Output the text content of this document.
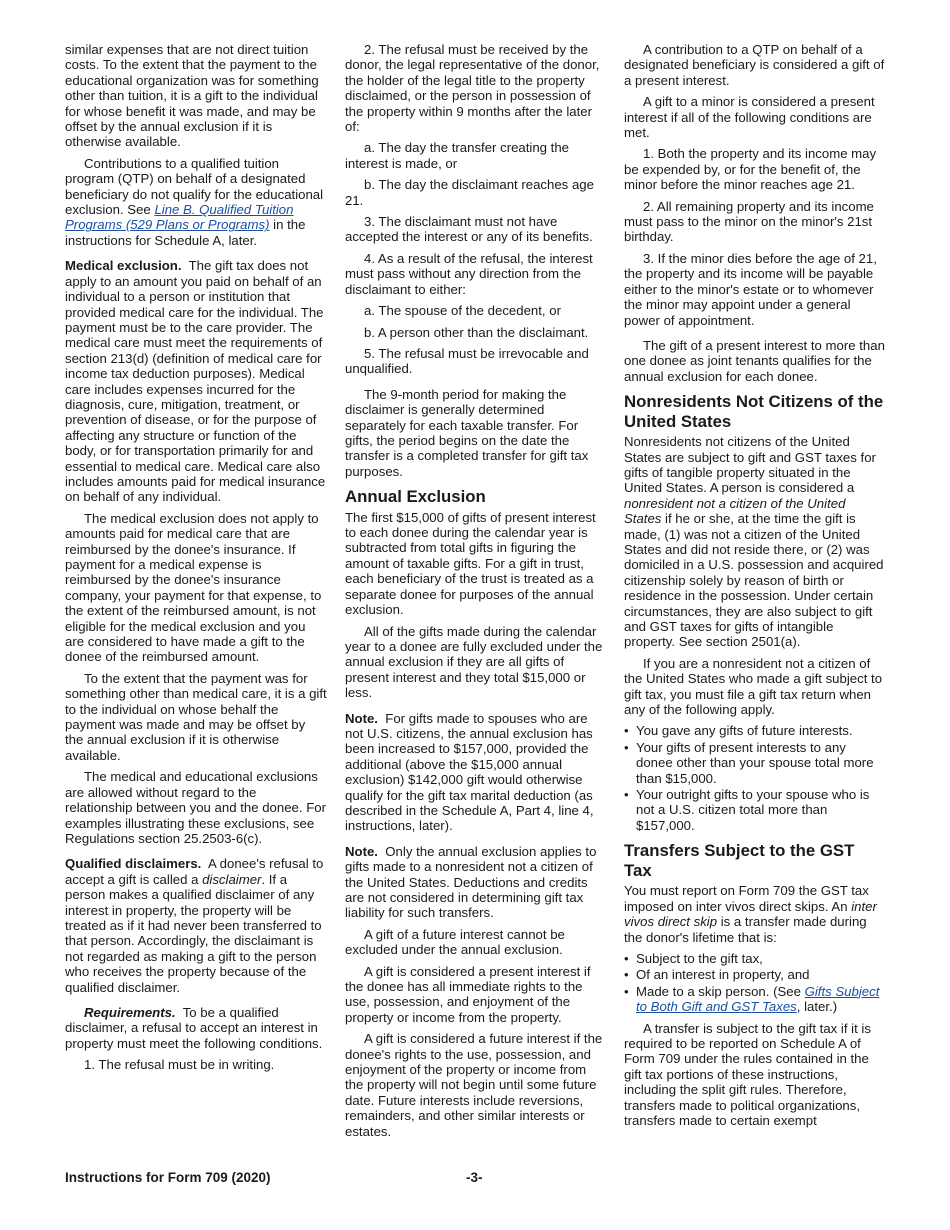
similar expenses that are not direct tuition costs. To the extent that the payment to the educational organization was for something other than tuition, it is a gift to the individual for whose benefit it was made, and may be offset by the annual exclusion if it is otherwise available.

Contributions to a qualified tuition program (QTP) on behalf of a designated beneficiary do not qualify for the educational exclusion. See Line B. Qualified Tuition Programs (529 Plans or Programs) in the instructions for Schedule A, later.

Medical exclusion. The gift tax does not apply to an amount you paid on behalf of an individual to a person or institution that provided medical care for the individual. The payment must be to the care provider. The medical care must meet the requirements of section 213(d) (definition of medical care for income tax deduction purposes). Medical care includes expenses incurred for the diagnosis, cure, mitigation, treatment, or prevention of disease, or for the purpose of affecting any structure or function of the body, or for transportation primarily for and essential to medical care. Medical care also includes amounts paid for medical insurance on behalf of any individual.

The medical exclusion does not apply to amounts paid for medical care that are reimbursed by the donee's insurance. If payment for a medical expense is reimbursed by the donee's insurance company, your payment for that expense, to the extent of the reimbursed amount, is not eligible for the medical exclusion and you are considered to have made a gift to the donee of the reimbursed amount.

To the extent that the payment was for something other than medical care, it is a gift to the individual on whose behalf the payment was made and may be offset by the annual exclusion if it is otherwise available.

The medical and educational exclusions are allowed without regard to the relationship between you and the donee. For examples illustrating these exclusions, see Regulations section 25.2503-6(c).

Qualified disclaimers. A donee's refusal to accept a gift is called a disclaimer. If a person makes a qualified disclaimer of any interest in property, the property will be treated as if it had never been transferred to that person. Accordingly, the disclaimant is not regarded as making a gift to the person who receives the property because of the qualified disclaimer.

Requirements. To be a qualified disclaimer, a refusal to accept an interest in property must meet the following conditions.

1. The refusal must be in writing.

2. The refusal must be received by the donor, the legal representative of the donor, the holder of the legal title to the property disclaimed, or the person in possession of the property within 9 months after the later of:

a. The day the transfer creating the interest is made, or

b. The day the disclaimant reaches age 21.

3. The disclaimant must not have accepted the interest or any of its benefits.

4. As a result of the refusal, the interest must pass without any direction from the disclaimant to either:

a. The spouse of the decedent, or

b. A person other than the disclaimant.

5. The refusal must be irrevocable and unqualified.

The 9-month period for making the disclaimer is generally determined separately for each taxable transfer. For gifts, the period begins on the date the transfer is a completed transfer for gift tax purposes.

Annual Exclusion

The first $15,000 of gifts of present interest to each donee during the calendar year is subtracted from total gifts in figuring the amount of taxable gifts. For a gift in trust, each beneficiary of the trust is treated as a separate donee for purposes of the annual exclusion.

All of the gifts made during the calendar year to a donee are fully excluded under the annual exclusion if they are all gifts of present interest and they total $15,000 or less.

Note. For gifts made to spouses who are not U.S. citizens, the annual exclusion has been increased to $157,000, provided the additional (above the $15,000 annual exclusion) $142,000 gift would otherwise qualify for the gift tax marital deduction (as described in the Schedule A, Part 4, line 4, instructions, later).

Note. Only the annual exclusion applies to gifts made to a nonresident not a citizen of the United States. Deductions and credits are not considered in determining gift tax liability for such transfers.

A gift of a future interest cannot be excluded under the annual exclusion.

A gift is considered a present interest if the donee has all immediate rights to the use, possession, and enjoyment of the property or income from the property.

A gift is considered a future interest if the donee's rights to the use, possession, and enjoyment of the property or income from the property will not begin until some future date. Future interests include reversions, remainders, and other similar interests or estates.

A contribution to a QTP on behalf of a designated beneficiary is considered a gift of a present interest.

A gift to a minor is considered a present interest if all of the following conditions are met.

1. Both the property and its income may be expended by, or for the benefit of, the minor before the minor reaches age 21.

2. All remaining property and its income must pass to the minor on the minor's 21st birthday.

3. If the minor dies before the age of 21, the property and its income will be payable either to the minor's estate or to whomever the minor may appoint under a general power of appointment.

The gift of a present interest to more than one donee as joint tenants qualifies for the annual exclusion for each donee.

Nonresidents Not Citizens of the United States

Nonresidents not citizens of the United States are subject to gift and GST taxes for gifts of tangible property situated in the United States. A person is considered a nonresident not a citizen of the United States if he or she, at the time the gift is made, (1) was not a citizen of the United States and did not reside there, or (2) was domiciled in a U.S. possession and acquired citizenship solely by reason of birth or residence in the possession. Under certain circumstances, they are also subject to gift and GST taxes for gifts of intangible property. See section 2501(a).

If you are a nonresident not a citizen of the United States who made a gift subject to gift tax, you must file a gift tax return when any of the following apply.

• You gave any gifts of future interests.
• Your gifts of present interests to any donee other than your spouse total more than $15,000.
• Your outright gifts to your spouse who is not a U.S. citizen total more than $157,000.
Transfers Subject to the GST Tax

You must report on Form 709 the GST tax imposed on inter vivos direct skips. An inter vivos direct skip is a transfer made during the donor's lifetime that is:

• Subject to the gift tax,
• Of an interest in property, and
• Made to a skip person. (See Gifts Subject to Both Gift and GST Taxes, later.)

A transfer is subject to the gift tax if it is required to be reported on Schedule A of Form 709 under the rules contained in the gift tax portions of these instructions, including the split gift rules. Therefore, transfers made to political organizations, transfers made to certain exempt

Instructions for Form 709 (2020)	-3-
